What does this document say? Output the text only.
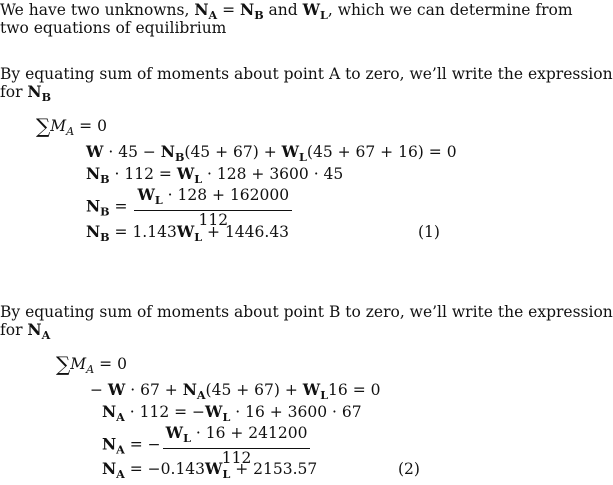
We have two unknowns, $N_A = N_B$ and $W_L$, which we can determine from
two equations of equilibrium
By equating sum of moments about point A to zero, we’ll write the expression
for $N_B$
$\sum M_A = 0$
$W \cdot 45 - N_B(45 + 67) + W_L(45 + 67 + 16) = 0$
$N_B \cdot 112 = W_L \cdot 128 + 3600 \cdot 45$
$N_B = \frac{W_L \cdot 128 + 162000}{112}$
$N_B = 1.143W_L + 1446.43$	(1)
By equating sum of moments about point B to zero, we’ll write the expression
for $N_A$
$\sum M_A = 0$
− $W \cdot 67 + N_A(45 + 67) + W_L16 = 0$
$N_A \cdot 112 = -W_L \cdot 16 + 3600 \cdot 67$
$N_A$ = − $\frac{W_L \cdot 16 + 241200}{112}$
$N_A = -0.143W_L + 2153.57$	(2)
